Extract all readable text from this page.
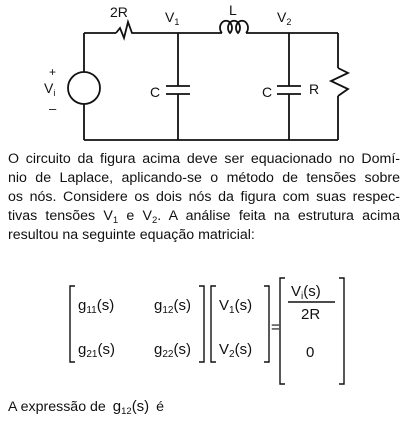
2R	$V_1$
L	$V_2$
C	C	R
+
$V_i$
–
O circuito da figura acima deve ser equacionado no Domí-
nio de Laplace, aplicando-se o método de tensões sobre
os nós. Considere os dois nós da figura com suas respec-
tivas tensões $V_1$ e $V_2$. A análise feita na estrutura acima
resultou na seguinte equação matricial:
$g_{11}(s)$	$g_{12}(s)$
$g_{21}(s)$	$g_{22}(s)$
$V_1(s)$
$V_2(s)$
=
$V_i(s)$
2R
0
A expressão de $g_{12}(s)$ é
